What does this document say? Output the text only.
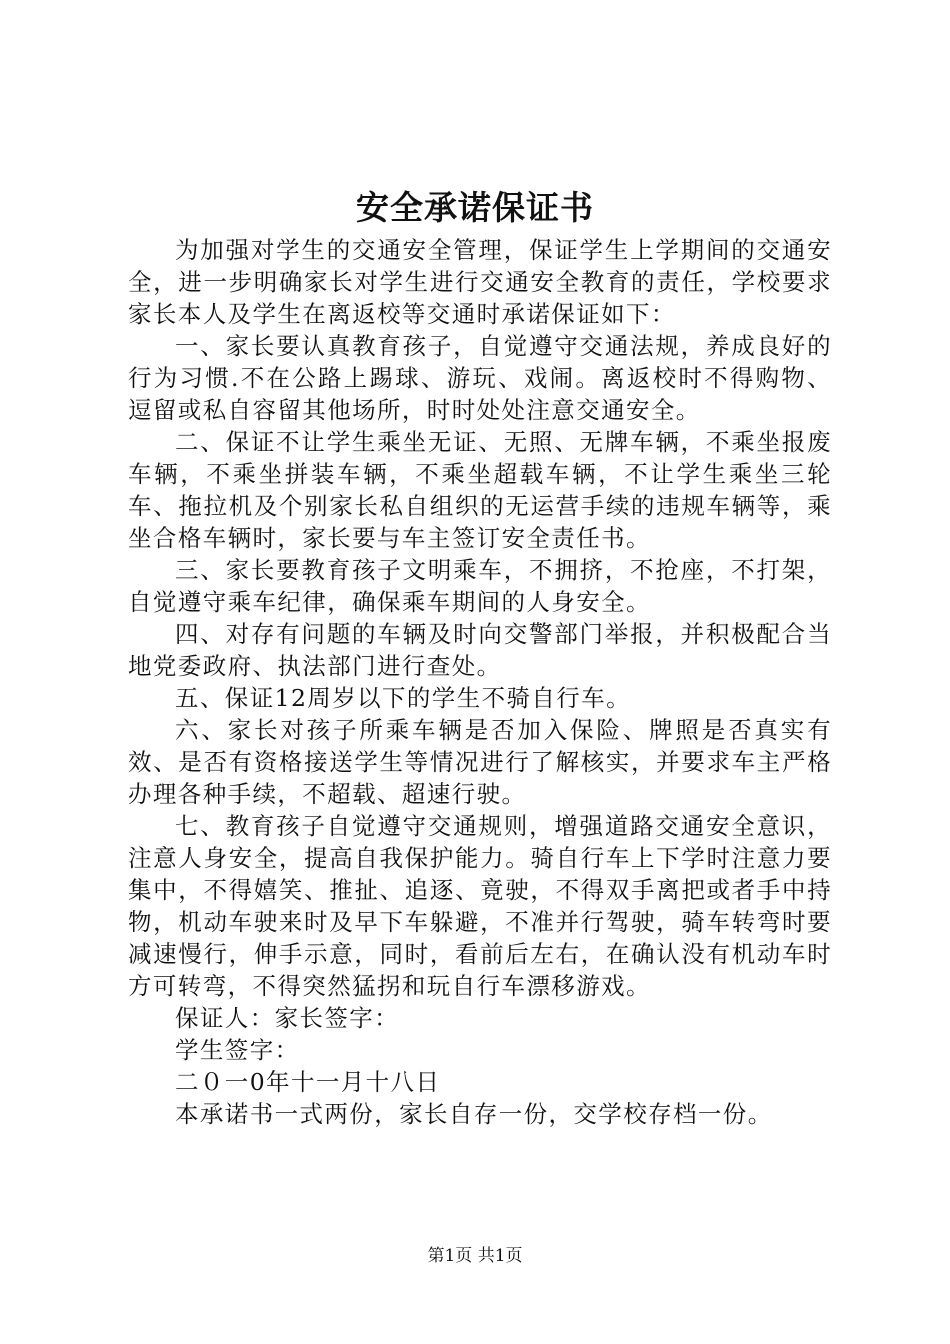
安全承诺保证书

为加强对学生的交通安全管理，保证学生上学期间的交通安全，进一步明确家长对学生进行交通安全教育的责任，学校要求家长本人及学生在离返校等交通时承诺保证如下：

一、家长要认真教育孩子，自觉遵守交通法规，养成良好的行为习惯.不在公路上踢球、游玩、戏闹。离返校时不得购物、逗留或私自容留其他场所，时时处处注意交通安全。

二、保证不让学生乘坐无证、无照、无牌车辆，不乘坐报废车辆，不乘坐拼装车辆，不乘坐超载车辆，不让学生乘坐三轮车、拖拉机及个别家长私自组织的无运营手续的违规车辆等，乘坐合格车辆时，家长要与车主签订安全责任书。

三、家长要教育孩子文明乘车，不拥挤，不抢座，不打架，自觉遵守乘车纪律，确保乘车期间的人身安全。

四、对存有问题的车辆及时向交警部门举报，并积极配合当地党委政府、执法部门进行查处。

五、保证12周岁以下的学生不骑自行车。

六、家长对孩子所乘车辆是否加入保险、牌照是否真实有效、是否有资格接送学生等情况进行了解核实，并要求车主严格办理各种手续，不超载、超速行驶。

七、教育孩子自觉遵守交通规则，增强道路交通安全意识，注意人身安全，提高自我保护能力。骑自行车上下学时注意力要集中，不得嬉笑、推扯、追逐、竟驶，不得双手离把或者手中持物，机动车驶来时及早下车躲避，不准并行驾驶，骑车转弯时要减速慢行，伸手示意，同时，看前后左右，在确认没有机动车时方可转弯，不得突然猛拐和玩自行车漂移游戏。

保证人：家长签字：

学生签字：

二０一0年十一月十八日

本承诺书一式两份，家长自存一份，交学校存档一份。

第1页 共1页
